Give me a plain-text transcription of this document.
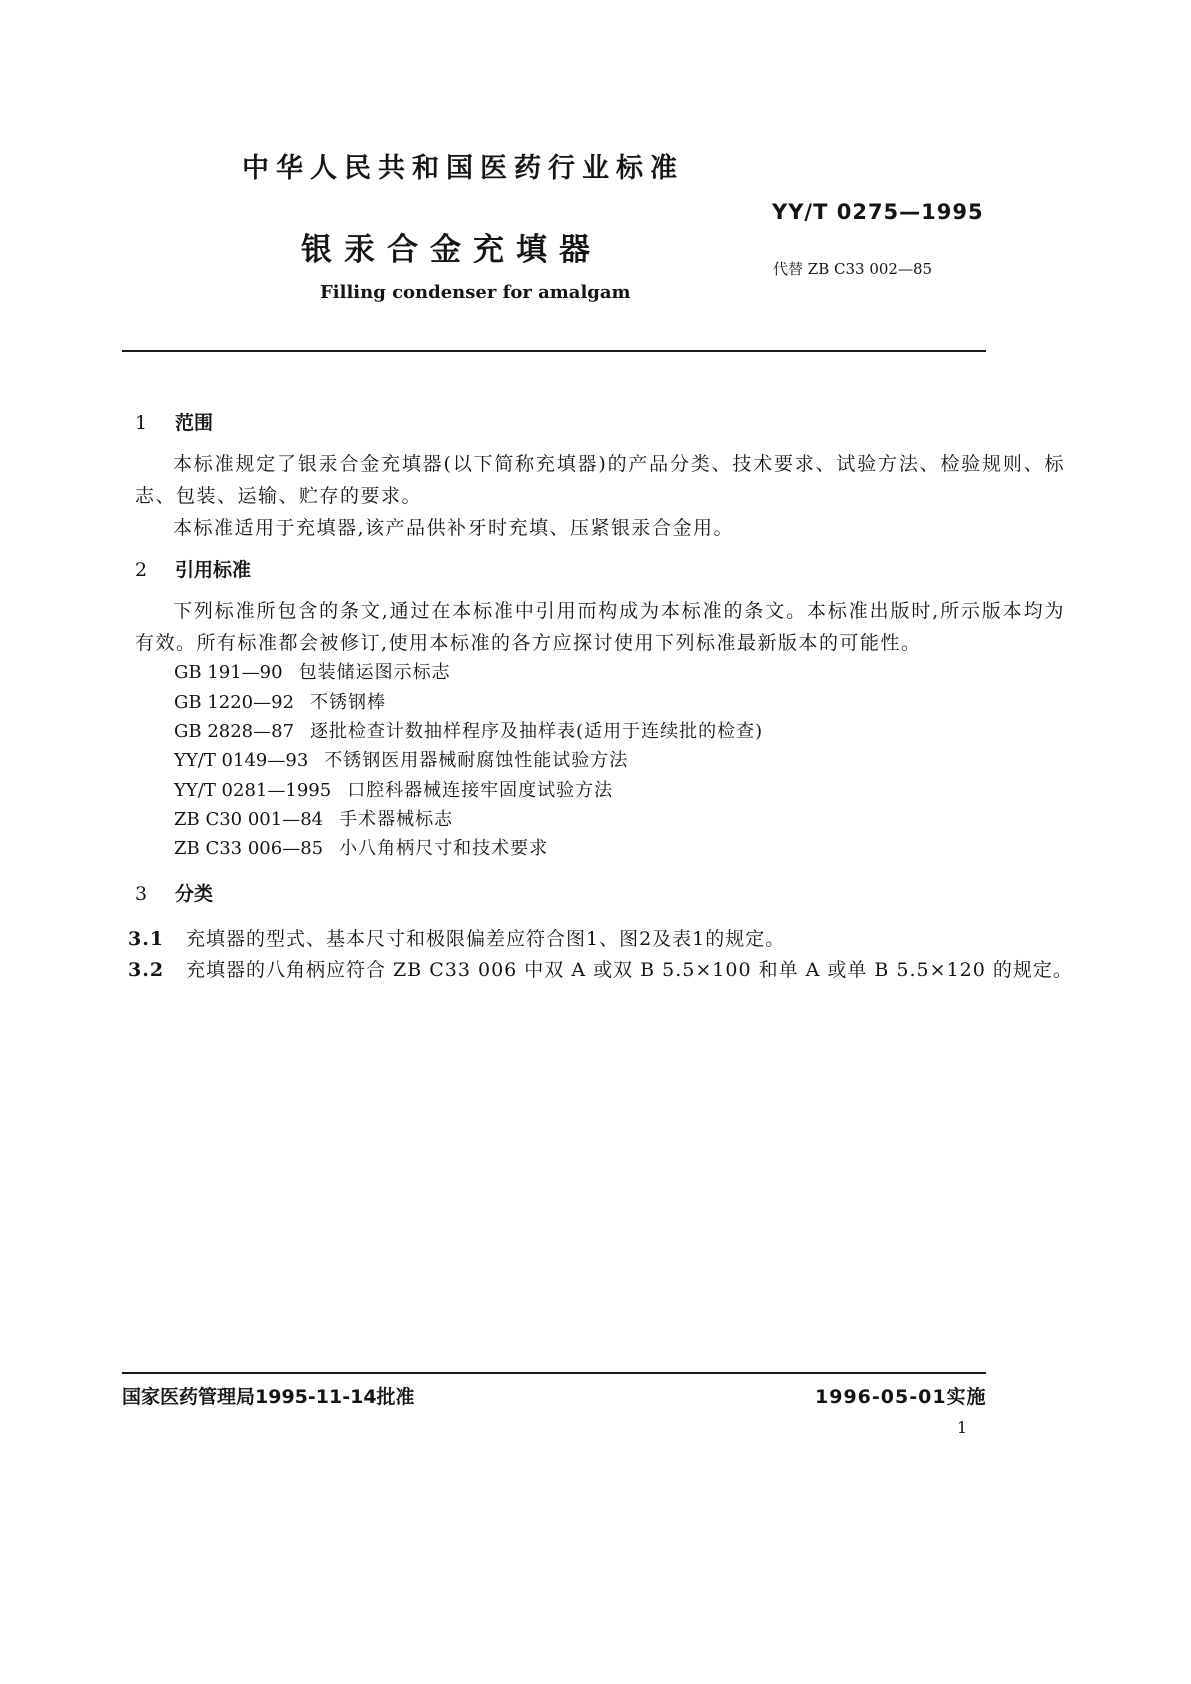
中华人民共和国医药行业标准
YY/T 0275—1995
银汞合金充填器
代替 ZB C33 002—85
Filling condenser for amalgam
1 范围
本标准规定了银汞合金充填器(以下简称充填器)的产品分类、技术要求、试验方法、检验规则、标志、包装、运输、贮存的要求。
本标准适用于充填器,该产品供补牙时充填、压紧银汞合金用。
2 引用标准
下列标准所包含的条文,通过在本标准中引用而构成为本标准的条文。本标准出版时,所示版本均为有效。所有标准都会被修订,使用本标准的各方应探讨使用下列标准最新版本的可能性。
GB 191—90 包装储运图示标志
GB 1220—92 不锈钢棒
GB 2828—87 逐批检查计数抽样程序及抽样表(适用于连续批的检查)
YY/T 0149—93 不锈钢医用器械耐腐蚀性能试验方法
YY/T 0281—1995 口腔科器械连接牢固度试验方法
ZB C30 001—84 手术器械标志
ZB C33 006—85 小八角柄尺寸和技术要求
3 分类
3.1 充填器的型式、基本尺寸和极限偏差应符合图1、图2及表1的规定。
3.2 充填器的八角柄应符合 ZB C33 006 中双 A 或双 B 5.5×100 和单 A 或单 B 5.5×120 的规定。
国家医药管理局1995-11-14批准	1996-05-01实施
1
